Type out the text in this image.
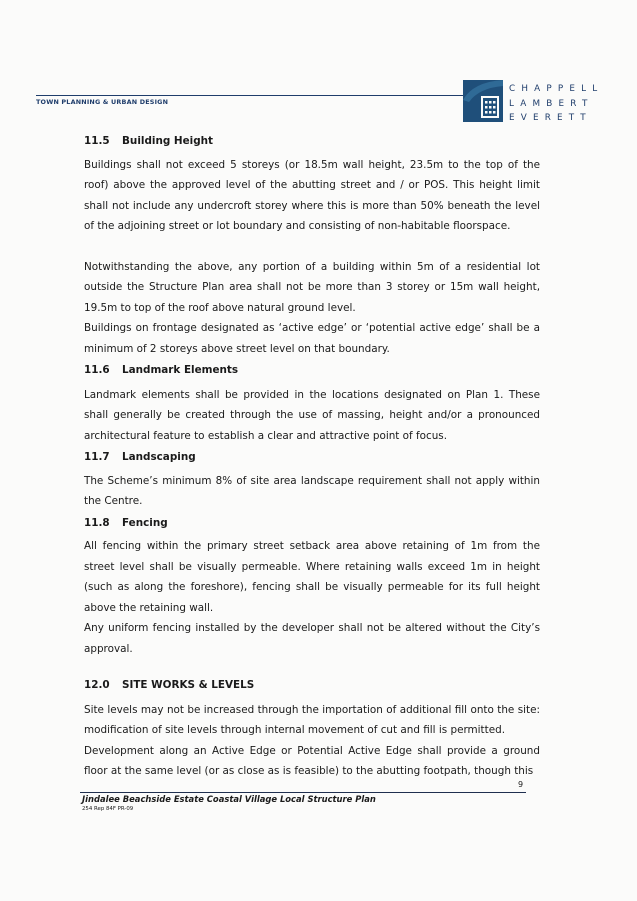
TOWN PLANNING & URBAN DESIGN
CHAPPELL
LAMBERT
EVERETT
11.5	Building Height

Buildings shall not exceed 5 storeys (or 18.5m wall height, 23.5m to the top of the roof) above the approved level of the abutting street and / or POS. This height limit shall not include any undercroft storey where this is more than 50% beneath the level of the adjoining street or lot boundary and consisting of non-habitable floorspace.

Notwithstanding the above, any portion of a building within 5m of a residential lot outside the Structure Plan area shall not be more than 3 storey or 15m wall height, 19.5m to top of the roof above natural ground level.

Buildings on frontage designated as ‘active edge’ or ‘potential active edge’ shall be a minimum of 2 storeys above street level on that boundary.

11.6	Landmark Elements

Landmark elements shall be provided in the locations designated on Plan 1. These shall generally be created through the use of massing, height and/or a pronounced architectural feature to establish a clear and attractive point of focus.

11.7	Landscaping

The Scheme’s minimum 8% of site area landscape requirement shall not apply within the Centre.

11.8	Fencing

All fencing within the primary street setback area above retaining of 1m from the street level shall be visually permeable. Where retaining walls exceed 1m in height (such as along the foreshore), fencing shall be visually permeable for its full height above the retaining wall.

Any uniform fencing installed by the developer shall not be altered without the City’s approval.

12.0	SITE WORKS & LEVELS

Site levels may not be increased through the importation of additional fill onto the site: modification of site levels through internal movement of cut and fill is permitted.

Development along an Active Edge or Potential Active Edge shall provide a ground floor at the same level (or as close as is feasible) to the abutting footpath, though this

9
Jindalee Beachside Estate Coastal Village Local Structure Plan
254 Rep 84F PR-09
